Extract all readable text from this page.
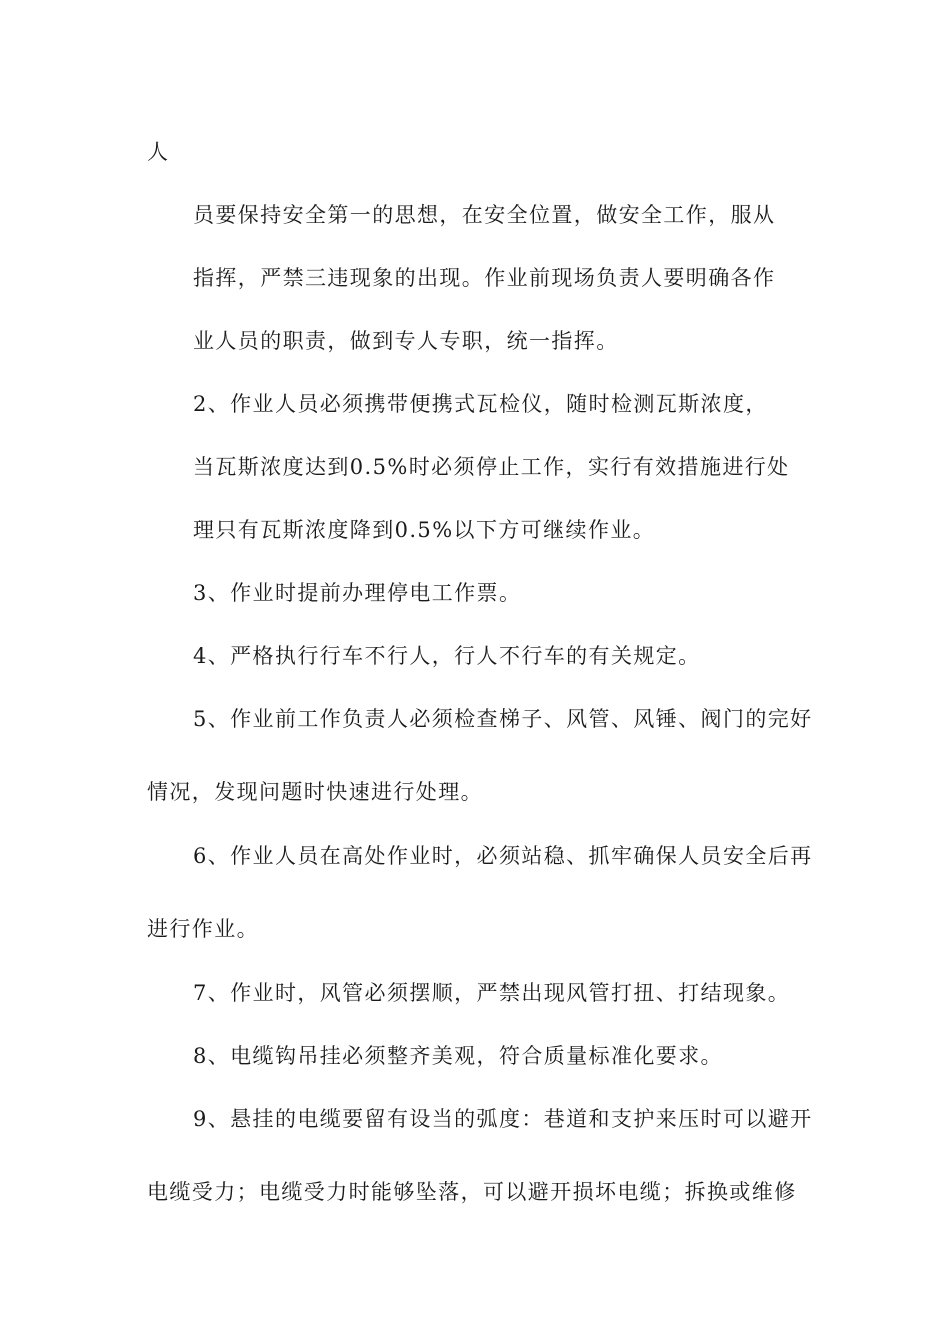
人
员要保持安全第一的思想，在安全位置，做安全工作，服从
指挥，严禁三违现象的出现。作业前现场负责人要明确各作
业人员的职责，做到专人专职，统一指挥。
2、作业人员必须携带便携式瓦检仪，随时检测瓦斯浓度，
当瓦斯浓度达到0.5%时必须停止工作，实行有效措施进行处
理只有瓦斯浓度降到0.5%以下方可继续作业。
3、作业时提前办理停电工作票。
4、严格执行行车不行人，行人不行车的有关规定。
5、作业前工作负责人必须检查梯子、风管、风锤、阀门的完好
情况，发现问题时快速进行处理。
6、作业人员在高处作业时，必须站稳、抓牢确保人员安全后再
进行作业。
7、作业时，风管必须摆顺，严禁出现风管打扭、打结现象。
8、电缆钩吊挂必须整齐美观，符合质量标准化要求。
9、悬挂的电缆要留有设当的弧度：巷道和支护来压时可以避开
电缆受力；电缆受力时能够坠落，可以避开损坏电缆；拆换或维修
